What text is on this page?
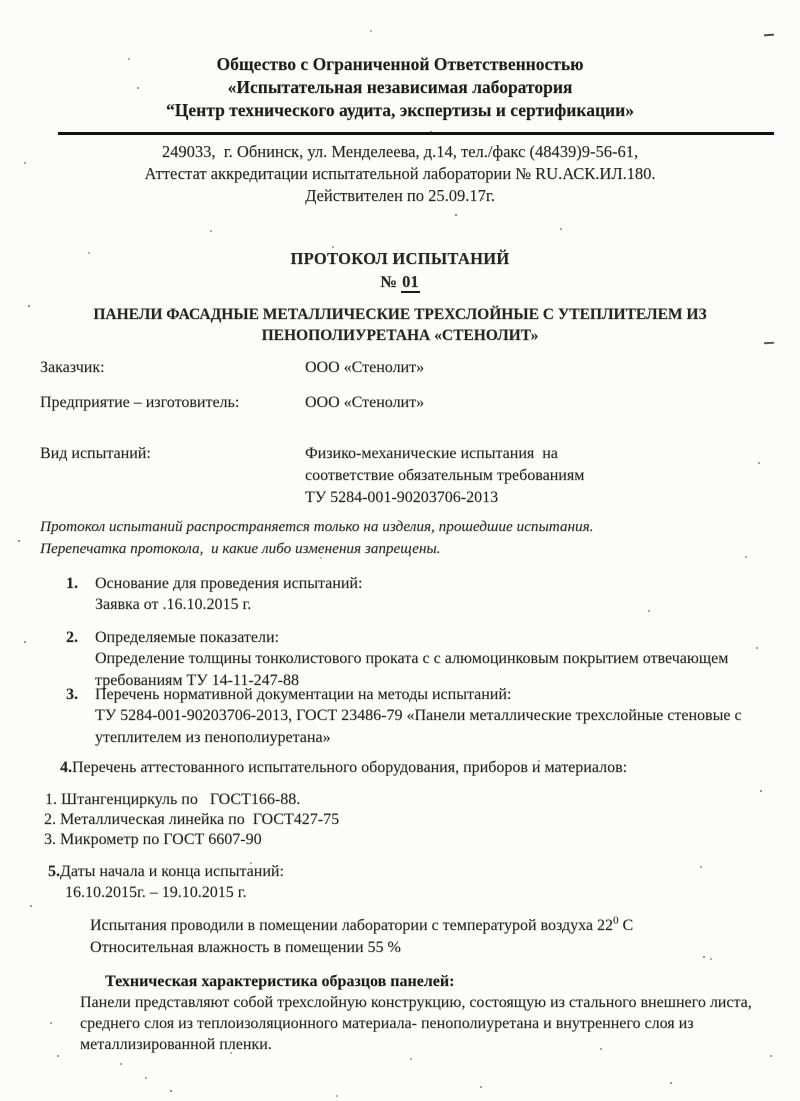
Общество с Ограниченной Ответственностью
«Испытательная независимая лаборатория
“Центр технического аудита, экспертизы и сертификации»
249033,  г. Обнинск, ул. Менделеева, д.14, тел./факс (48439)9-56-61,
Аттестат аккредитации испытательной лаборатории № RU.АСК.ИЛ.180.
Действителен по 25.09.17г.
ПРОТОКОЛ ИСПЫТАНИЙ
№ 01
ПАНЕЛИ ФАСАДНЫЕ МЕТАЛЛИЧЕСКИЕ ТРЕХСЛОЙНЫЕ С УТЕПЛИТЕЛЕМ ИЗ
ПЕНОПОЛИУРЕТАНА «СТЕНОЛИТ»
Заказчик:	ООО «Стенолит»
Предприятие – изготовитель:	ООО «Стенолит»
Вид испытаний:	Физико-механические испытания  на
соответствие обязательным требованиям
ТУ 5284-001-90203706-2013
Протокол испытаний распространяется только на изделия, прошедшие испытания.
Перепечатка протокола,  и какие либо изменения запрещены.
1. Основание для проведения испытаний:
Заявка от .16.10.2015 г.
2. Определяемые показатели:
Определение толщины тонколистового проката с с алюмоцинковым покрытием отвечающем
требованиям ТУ 14-11-247-88
3. Перечень нормативной документации на методы испытаний:
ТУ 5284-001-90203706-2013, ГОСТ 23486-79 «Панели металлические трехслойные стеновые с
утеплителем из пенополиуретана»
4.Перечень аттестованного испытательного оборудования, приборов и материалов:
1. Штангенциркуль по   ГОСТ166-88.
2. Металлическая линейка по  ГОСТ427-75
3. Микрометр по ГОСТ 6607-90
5.Даты начала и конца испытаний:
16.10.2015г. – 19.10.2015 г.
Испытания проводили в помещении лаборатории с температурой воздуха $22^0$ С
Относительная влажность в помещении 55 %
Техническая характеристика образцов панелей:
Панели представляют собой трехслойную конструкцию, состоящую из стального внешнего листа,
среднего слоя из теплоизоляционного материала- пенополиуретана и внутреннего слоя из
металлизированной пленки.
